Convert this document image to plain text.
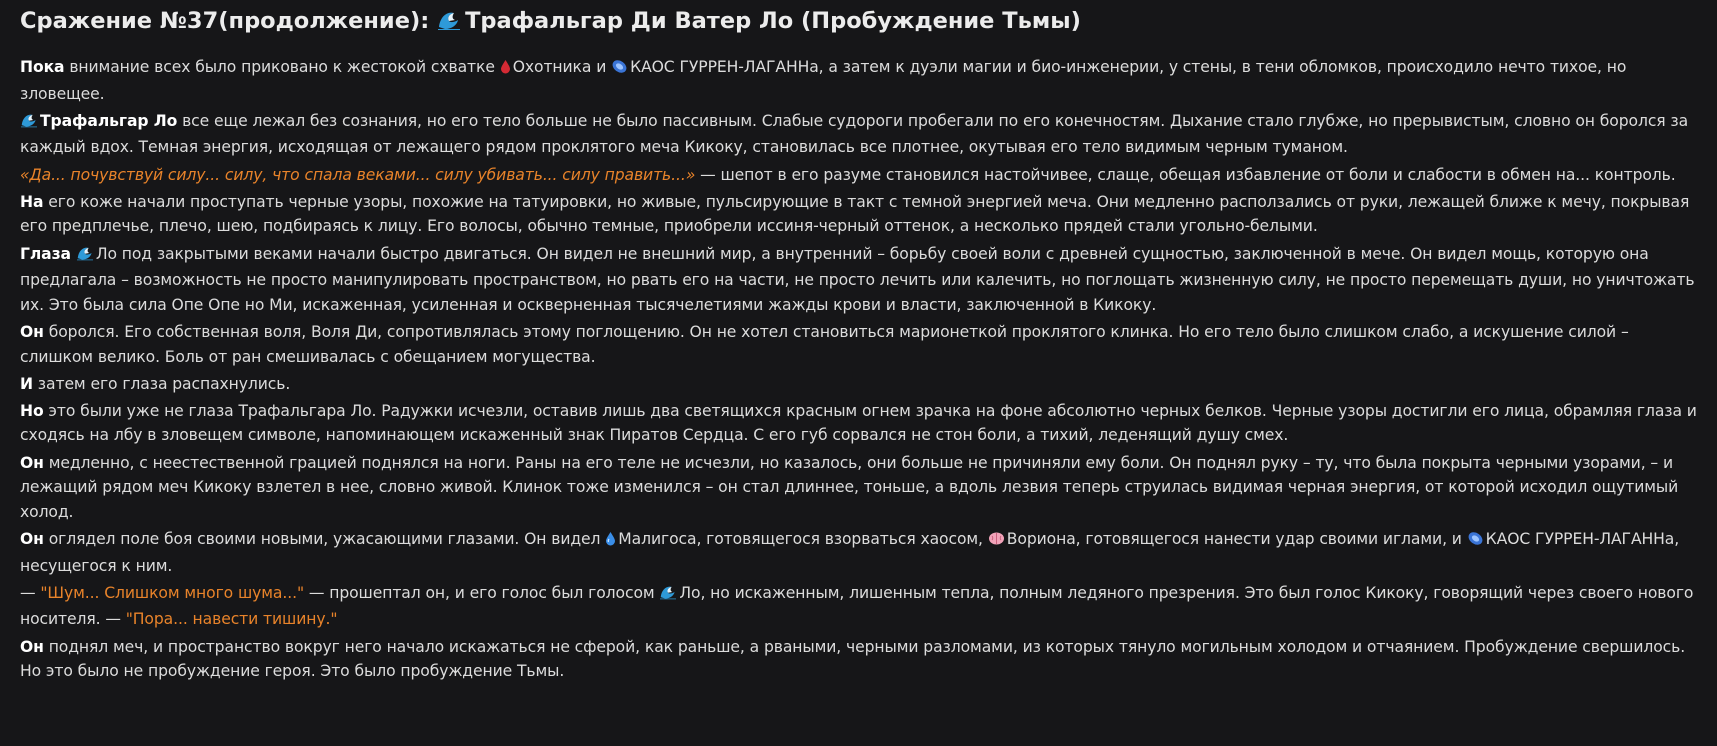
Сражение №37(продолжение): Трафальгар Ди Ватер Ло (Пробуждение Тьмы)

Пока внимание всех было приковано к жестокой схватке Охотника и КАОС ГУРРЕН-ЛАГАННа, а затем к дуэли магии и био-инженерии, у стены, в тени обломков, происходило нечто тихое, но зловещее.

Трафальгар Ло все еще лежал без сознания, но его тело больше не было пассивным. Слабые судороги пробегали по его конечностям. Дыхание стало глубже, но прерывистым, словно он боролся за каждый вдох. Темная энергия, исходящая от лежащего рядом проклятого меча Кикоку, становилась все плотнее, окутывая его тело видимым черным туманом.

«Да... почувствуй силу... силу, что спала веками... силу убивать... силу править...» — шепот в его разуме становился настойчивее, слаще, обещая избавление от боли и слабости в обмен на... контроль.

На его коже начали проступать черные узоры, похожие на татуировки, но живые, пульсирующие в такт с темной энергией меча. Они медленно расползались от руки, лежащей ближе к мечу, покрывая его предплечье, плечо, шею, подбираясь к лицу. Его волосы, обычно темные, приобрели иссиня-черный оттенок, а несколько прядей стали угольно-белыми.

Глаза Ло под закрытыми веками начали быстро двигаться. Он видел не внешний мир, а внутренний – борьбу своей воли с древней сущностью, заключенной в мече. Он видел мощь, которую она предлагала – возможность не просто манипулировать пространством, но рвать его на части, не просто лечить или калечить, но поглощать жизненную силу, не просто перемещать души, но уничтожать их. Это была сила Опе Опе но Ми, искаженная, усиленная и оскверненная тысячелетиями жажды крови и власти, заключенной в Кикоку.

Он боролся. Его собственная воля, Воля Ди, сопротивлялась этому поглощению. Он не хотел становиться марионеткой проклятого клинка. Но его тело было слишком слабо, а искушение силой – слишком велико. Боль от ран смешивалась с обещанием могущества.

И затем его глаза распахнулись.

Но это были уже не глаза Трафальгара Ло. Радужки исчезли, оставив лишь два светящихся красным огнем зрачка на фоне абсолютно черных белков. Черные узоры достигли его лица, обрамляя глаза и сходясь на лбу в зловещем символе, напоминающем искаженный знак Пиратов Сердца. С его губ сорвался не стон боли, а тихий, леденящий душу смех.

Он медленно, с неестественной грацией поднялся на ноги. Раны на его теле не исчезли, но казалось, они больше не причиняли ему боли. Он поднял руку – ту, что была покрыта черными узорами, – и лежащий рядом меч Кикоку взлетел в нее, словно живой. Клинок тоже изменился – он стал длиннее, тоньше, а вдоль лезвия теперь струилась видимая черная энергия, от которой исходил ощутимый холод.

Он оглядел поле боя своими новыми, ужасающими глазами. Он видел Малигоса, готовящегося взорваться хаосом, Вориона, готовящегося нанести удар своими иглами, и КАОС ГУРРЕН-ЛАГАННа, несущегося к ним.

— "Шум... Слишком много шума..." — прошептал он, и его голос был голосом Ло, но искаженным, лишенным тепла, полным ледяного презрения. Это был голос Кикоку, говорящий через своего нового носителя. — "Пора... навести тишину."

Он поднял меч, и пространство вокруг него начало искажаться не сферой, как раньше, а рваными, черными разломами, из которых тянуло могильным холодом и отчаянием. Пробуждение свершилось. Но это было не пробуждение героя. Это было пробуждение Тьмы.
